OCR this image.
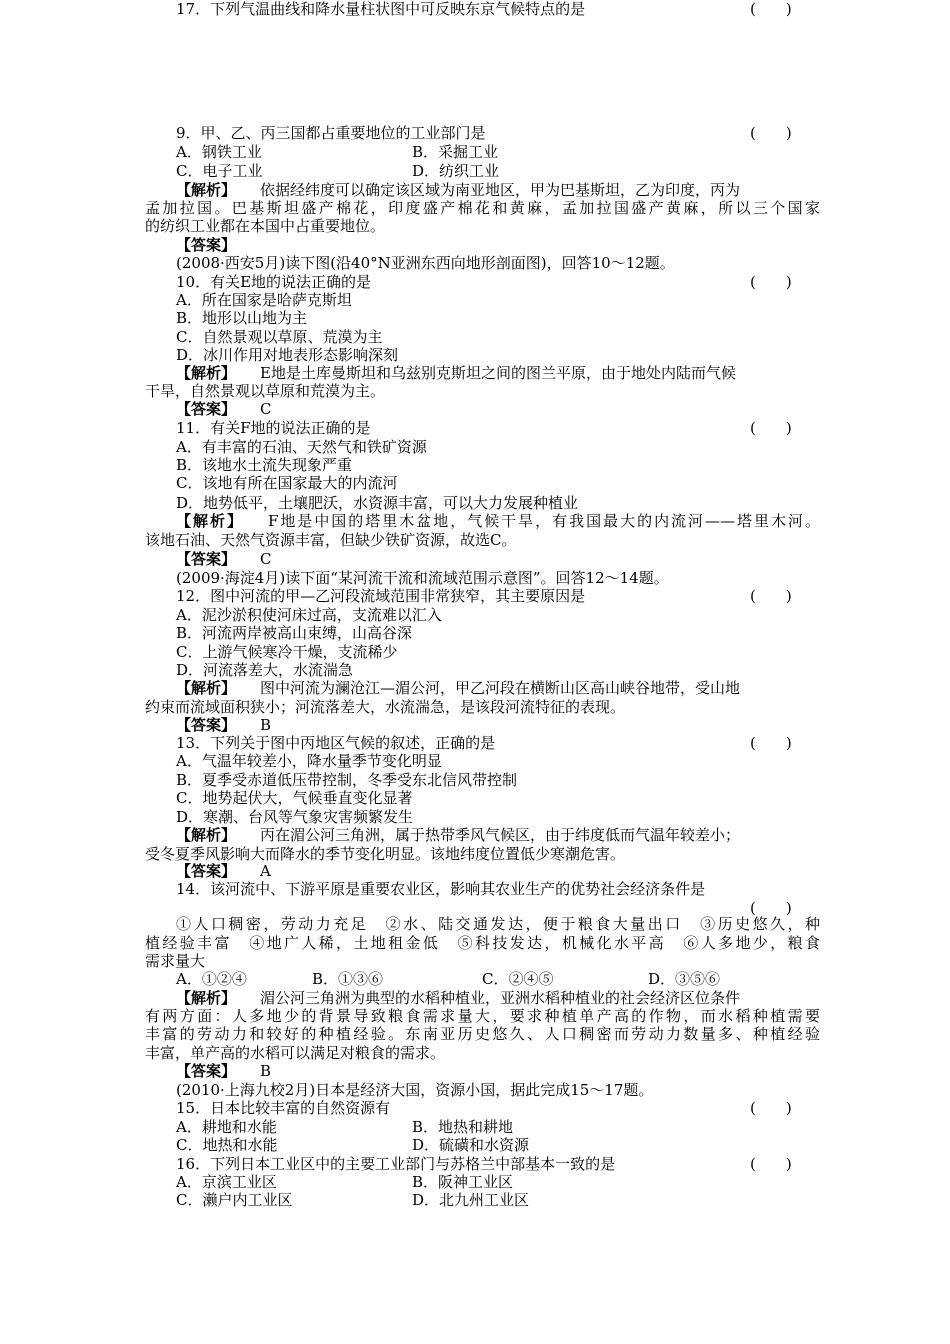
9．甲、乙、丙三国都占重要地位的工业部门是	(　　)
A．钢铁工业	B．采掘工业
C．电子工业	D．纺织工业
【解析】 依据经纬度可以确定该区域为南亚地区，甲为巴基斯坦，乙为印度，丙为
孟加拉国。巴基斯坦盛产棉花，印度盛产棉花和黄麻，孟加拉国盛产黄麻，所以三个国家
的纺织工业都在本国中占重要地位。
【答案】
(2008·西安5月)读下图(沿40°N亚洲东西向地形剖面图)，回答10～12题。
10．有关E地的说法正确的是	(　　)
A．所在国家是哈萨克斯坦
B．地形以山地为主
C．自然景观以草原、荒漠为主
D．冰川作用对地表形态影响深刻
【解析】 E地是土库曼斯坦和乌兹别克斯坦之间的图兰平原，由于地处内陆而气候
干旱，自然景观以草原和荒漠为主。
【答案】 C
11．有关F地的说法正确的是	(　　)
A．有丰富的石油、天然气和铁矿资源
B．该地水土流失现象严重
C．该地有所在国家最大的内流河
D．地势低平，土壤肥沃，水资源丰富，可以大力发展种植业
【解析】 F地是中国的塔里木盆地，气候干旱，有我国最大的内流河——塔里木河。
该地石油、天然气资源丰富，但缺少铁矿资源，故选C。
【答案】 C
(2009·海淀4月)读下面“某河流干流和流域范围示意图”。回答12～14题。
12．图中河流的甲—乙河段流域范围非常狭窄，其主要原因是	(　　)
A．泥沙淤积使河床过高，支流难以汇入
B．河流两岸被高山束缚，山高谷深
C．上游气候寒冷干燥，支流稀少
D．河流落差大，水流湍急
【解析】 图中河流为澜沧江—湄公河，甲乙河段在横断山区高山峡谷地带，受山地
约束而流域面积狭小；河流落差大，水流湍急，是该段河流特征的表现。
【答案】 B
13．下列关于图中丙地区气候的叙述，正确的是	(　　)
A．气温年较差小，降水量季节变化明显
B．夏季受赤道低压带控制，冬季受东北信风带控制
C．地势起伏大，气候垂直变化显著
D．寒潮、台风等气象灾害频繁发生
【解析】 丙在湄公河三角洲，属于热带季风气候区，由于纬度低而气温年较差小；
受冬夏季风影响大而降水的季节变化明显。该地纬度位置低少寒潮危害。
【答案】 A
14．该河流中、下游平原是重要农业区，影响其农业生产的优势社会经济条件是
(　　)
①人口稠密，劳动力充足　②水、陆交通发达，便于粮食大量出口　③历史悠久，种
植经验丰富　④地广人稀，土地租金低　⑤科技发达，机械化水平高　⑥人多地少，粮食
需求量大
A．①②④	B．①③⑥	C．②④⑤	D．③⑤⑥
【解析】 湄公河三角洲为典型的水稻种植业，亚洲水稻种植业的社会经济区位条件
有两方面：人多地少的背景导致粮食需求量大，要求种植单产高的作物，而水稻种植需要
丰富的劳动力和较好的种植经验。东南亚历史悠久、人口稠密而劳动力数量多、种植经验
丰富，单产高的水稻可以满足对粮食的需求。
【答案】 B
(2010·上海九校2月)日本是经济大国，资源小国，据此完成15～17题。
15．日本比较丰富的自然资源有	(　　)
A．耕地和水能	B．地热和耕地
C．地热和水能	D．硫磺和水资源
16．下列日本工业区中的主要工业部门与苏格兰中部基本一致的是	(　　)
A．京滨工业区	B．阪神工业区
C．濑户内工业区	D．北九州工业区
17．下列气温曲线和降水量柱状图中可反映东京气候特点的是	(　　)
